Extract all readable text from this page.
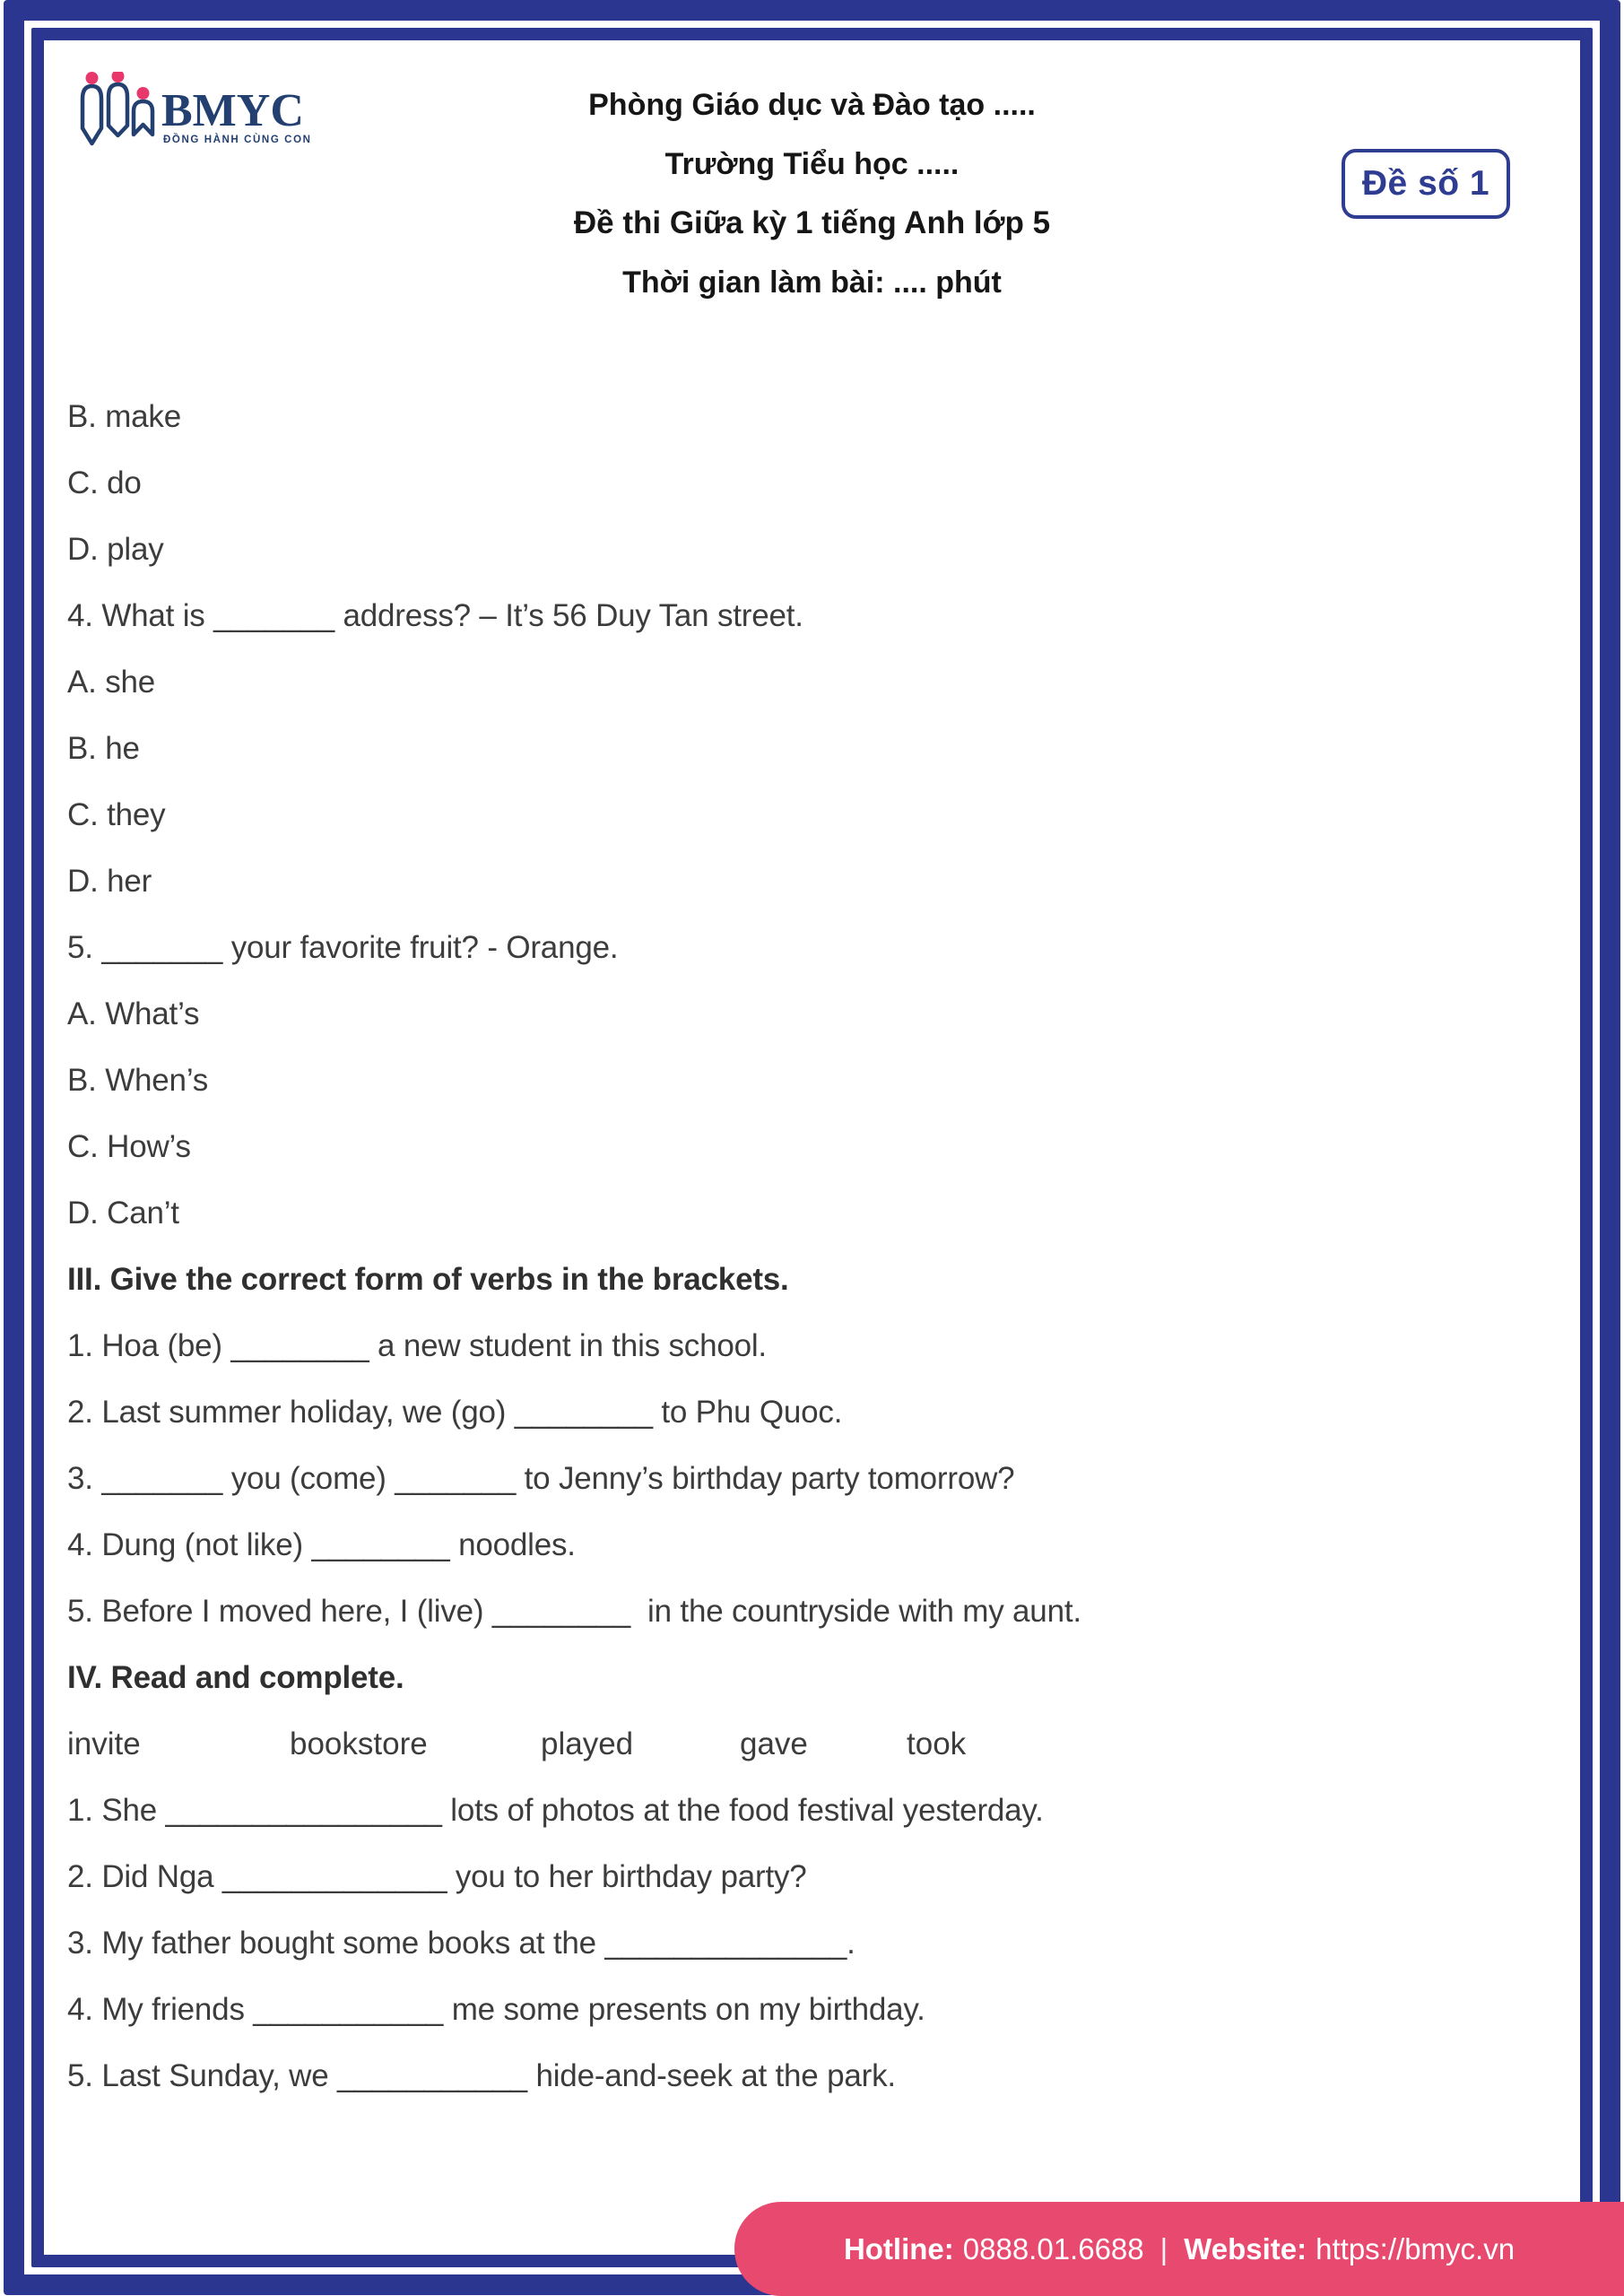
BMYC
ĐỒNG HÀNH CÙNG CON
Phòng Giáo dục và Đào tạo .....
Trường Tiểu học .....
Đề thi Giữa kỳ 1 tiếng Anh lớp 5
Thời gian làm bài: .... phút
Đề số 1
B. make
C. do
D. play
4. What is _______ address? – It’s 56 Duy Tan street.
A. she
B. he
C. they
D. her
5. _______ your favorite fruit? - Orange.
A. What’s
B. When’s
C. How’s
D. Can’t
III. Give the correct form of verbs in the brackets.
1. Hoa (be) ________ a new student in this school.
2. Last summer holiday, we (go) ________ to Phu Quoc.
3. _______ you (come) _______ to Jenny’s birthday party tomorrow?
4. Dung (not like) ________ noodles.
5. Before I moved here, I (live) ________  in the countryside with my aunt.
IV. Read and complete.
invite	bookstore	played	gave	took
1. She ________________ lots of photos at the food festival yesterday.
2. Did Nga _____________ you to her birthday party?
3. My father bought some books at the ______________.
4. My friends ___________ me some presents on my birthday.
5. Last Sunday, we ___________ hide-and-seek at the park.
Hotline: 0888.01.6688 | Website: https://bmyc.vn
